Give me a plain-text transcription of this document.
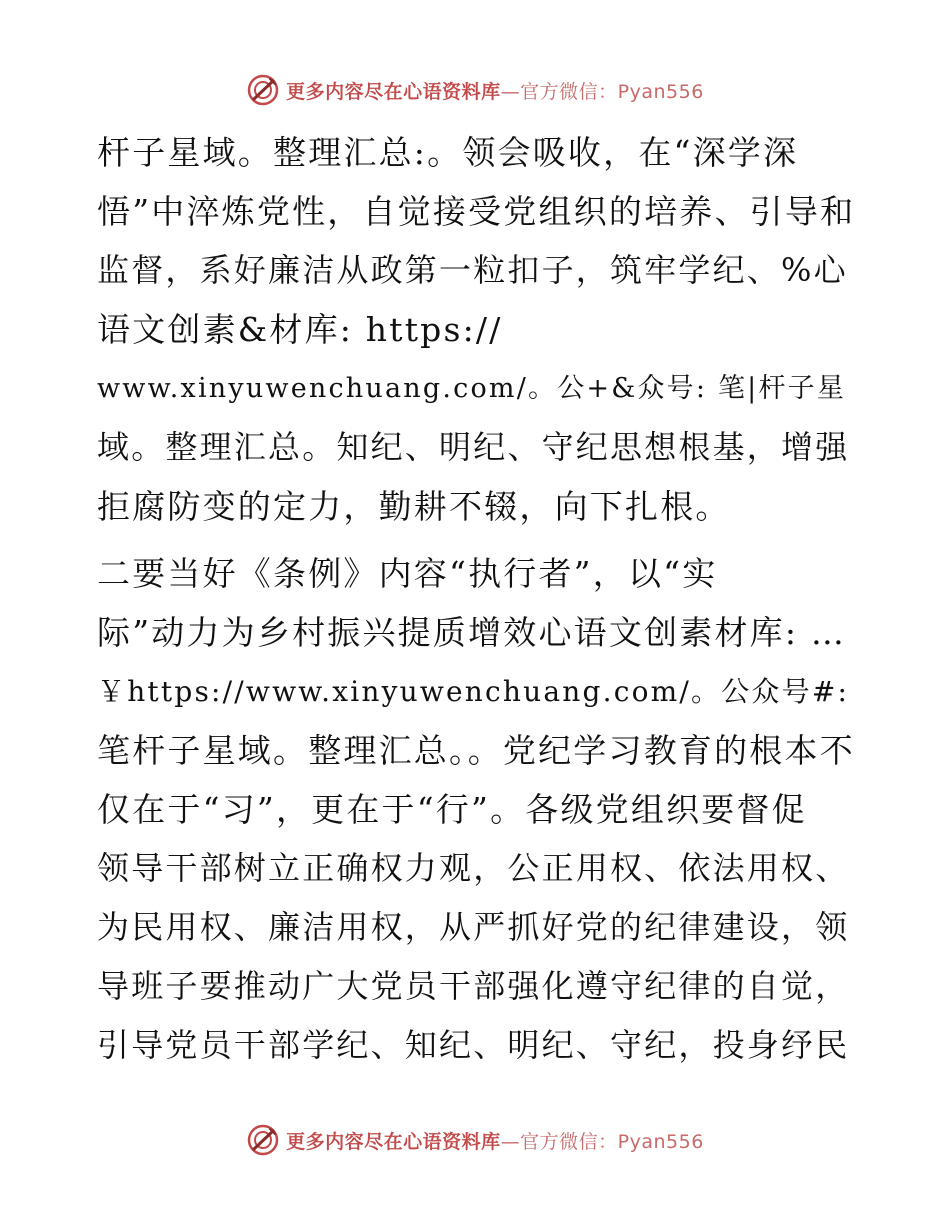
更多内容尽在心语资料库—官方微信：Pyan556
杆子星域。整理汇总:。领会吸收，在“深学深
悟”中淬炼党性，自觉接受党组织的培养、引导和
监督，系好廉洁从政第一粒扣子，筑牢学纪、%心
语文创素&材库: https://
www.xinyuwenchuang.com/。公+&众号: 笔|杆子星
域。整理汇总。知纪、明纪、守纪思想根基，增强
拒腐防变的定力，勤耕不辍，向下扎根。
二要当好《条例》内容“执行者”，以“实
际”动力为乡村振兴提质增效心语文创素材库: …
￥https://www.xinyuwenchuang.com/。公众号#:
笔杆子星域。整理汇总。。党纪学习教育的根本不
仅在于“习”，更在于“行”。各级党组织要督促
领导干部树立正确权力观，公正用权、依法用权、
为民用权、廉洁用权，从严抓好党的纪律建设，领
导班子要推动广大党员干部强化遵守纪律的自觉，
引导党员干部学纪、知纪、明纪、守纪，投身纾民
更多内容尽在心语资料库—官方微信：Pyan556
